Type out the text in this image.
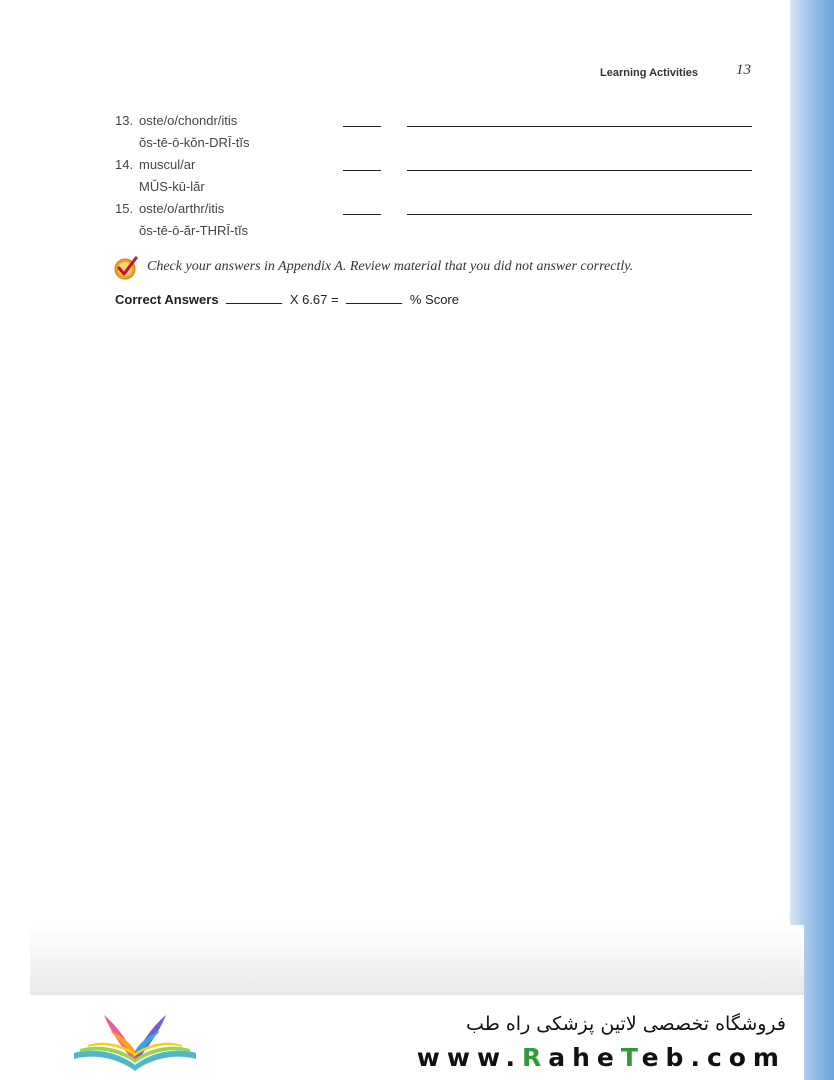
Learning Activities	13
13. oste/o/chondr/itis
ŏs-tē-ō-kŏn-DRĪ-tĭs
14. muscul/ar
MŬS-kū-lăr
15. oste/o/arthr/itis
ŏs-tē-ō-ăr-THRĪ-tĭs
Check your answers in Appendix A. Review material that you did not answer correctly.
Correct Answers	X 6.67 =	% Score
فروشگاه تخصصی لاتین پزشکی راه طب
www.RaheTeb.com
